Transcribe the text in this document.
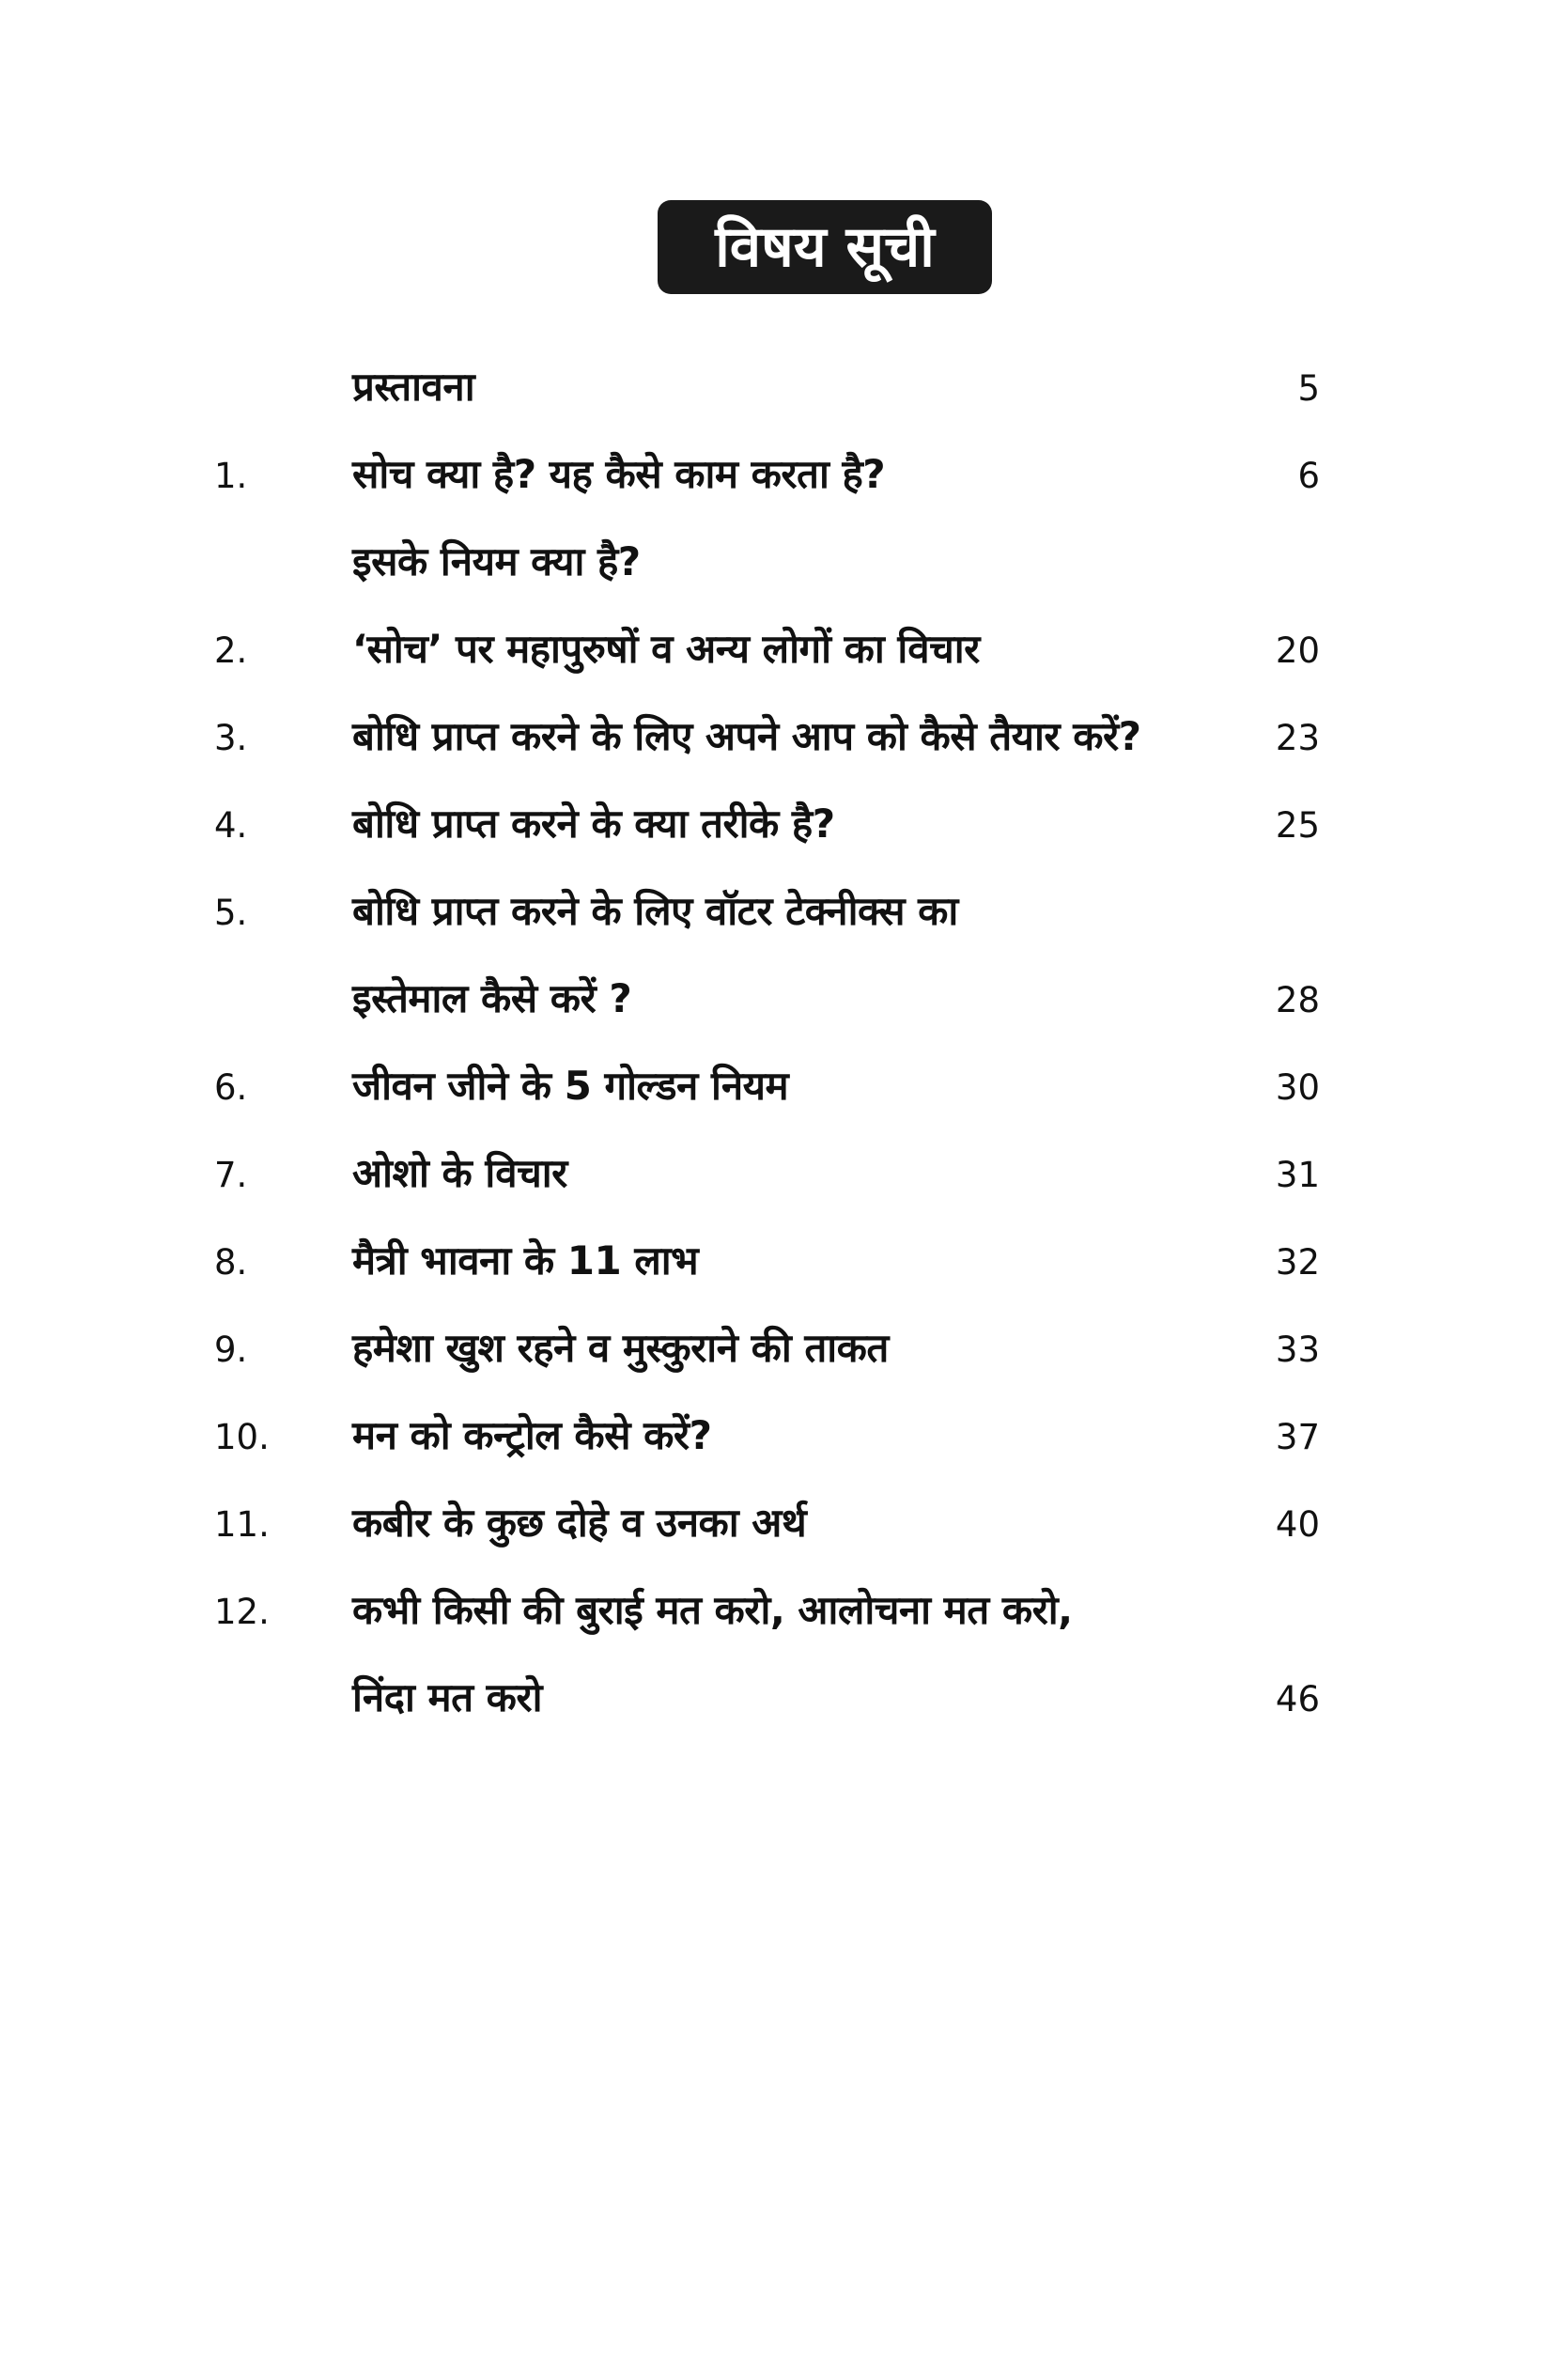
विषय सूची
प्रस्तावना	5
1.	सोच क्या है? यह कैसे काम करता है?	6
इसके नियम क्या है?
2.	‘सोच’ पर महापुरुषों व अन्य लोगों का विचार	20
3.	बोधि प्राप्त करने के लिए अपने आप को कैसे तैयार करें?	23
4.	बोधि प्राप्त करने के क्या तरीके है?	25
5.	बोधि प्राप्त करने के लिए वॉटर टेक्नीक्स का
इस्तेमाल कैसे करें ?	28
6.	जीवन जीने के 5 गोल्डन नियम	30
7.	ओशो के विचार	31
8.	मैत्री भावना के 11 लाभ	32
9.	हमेशा खुश रहने व मुस्कुराने की ताकत	33
10. मन को कन्ट्रोल कैसे करें?	37
11. कबीर के कुछ दोहे व उनका अर्थ	40
12. कभी किसी की बुराई मत करो, आलोचना मत करो,
निंदा मत करो	46
